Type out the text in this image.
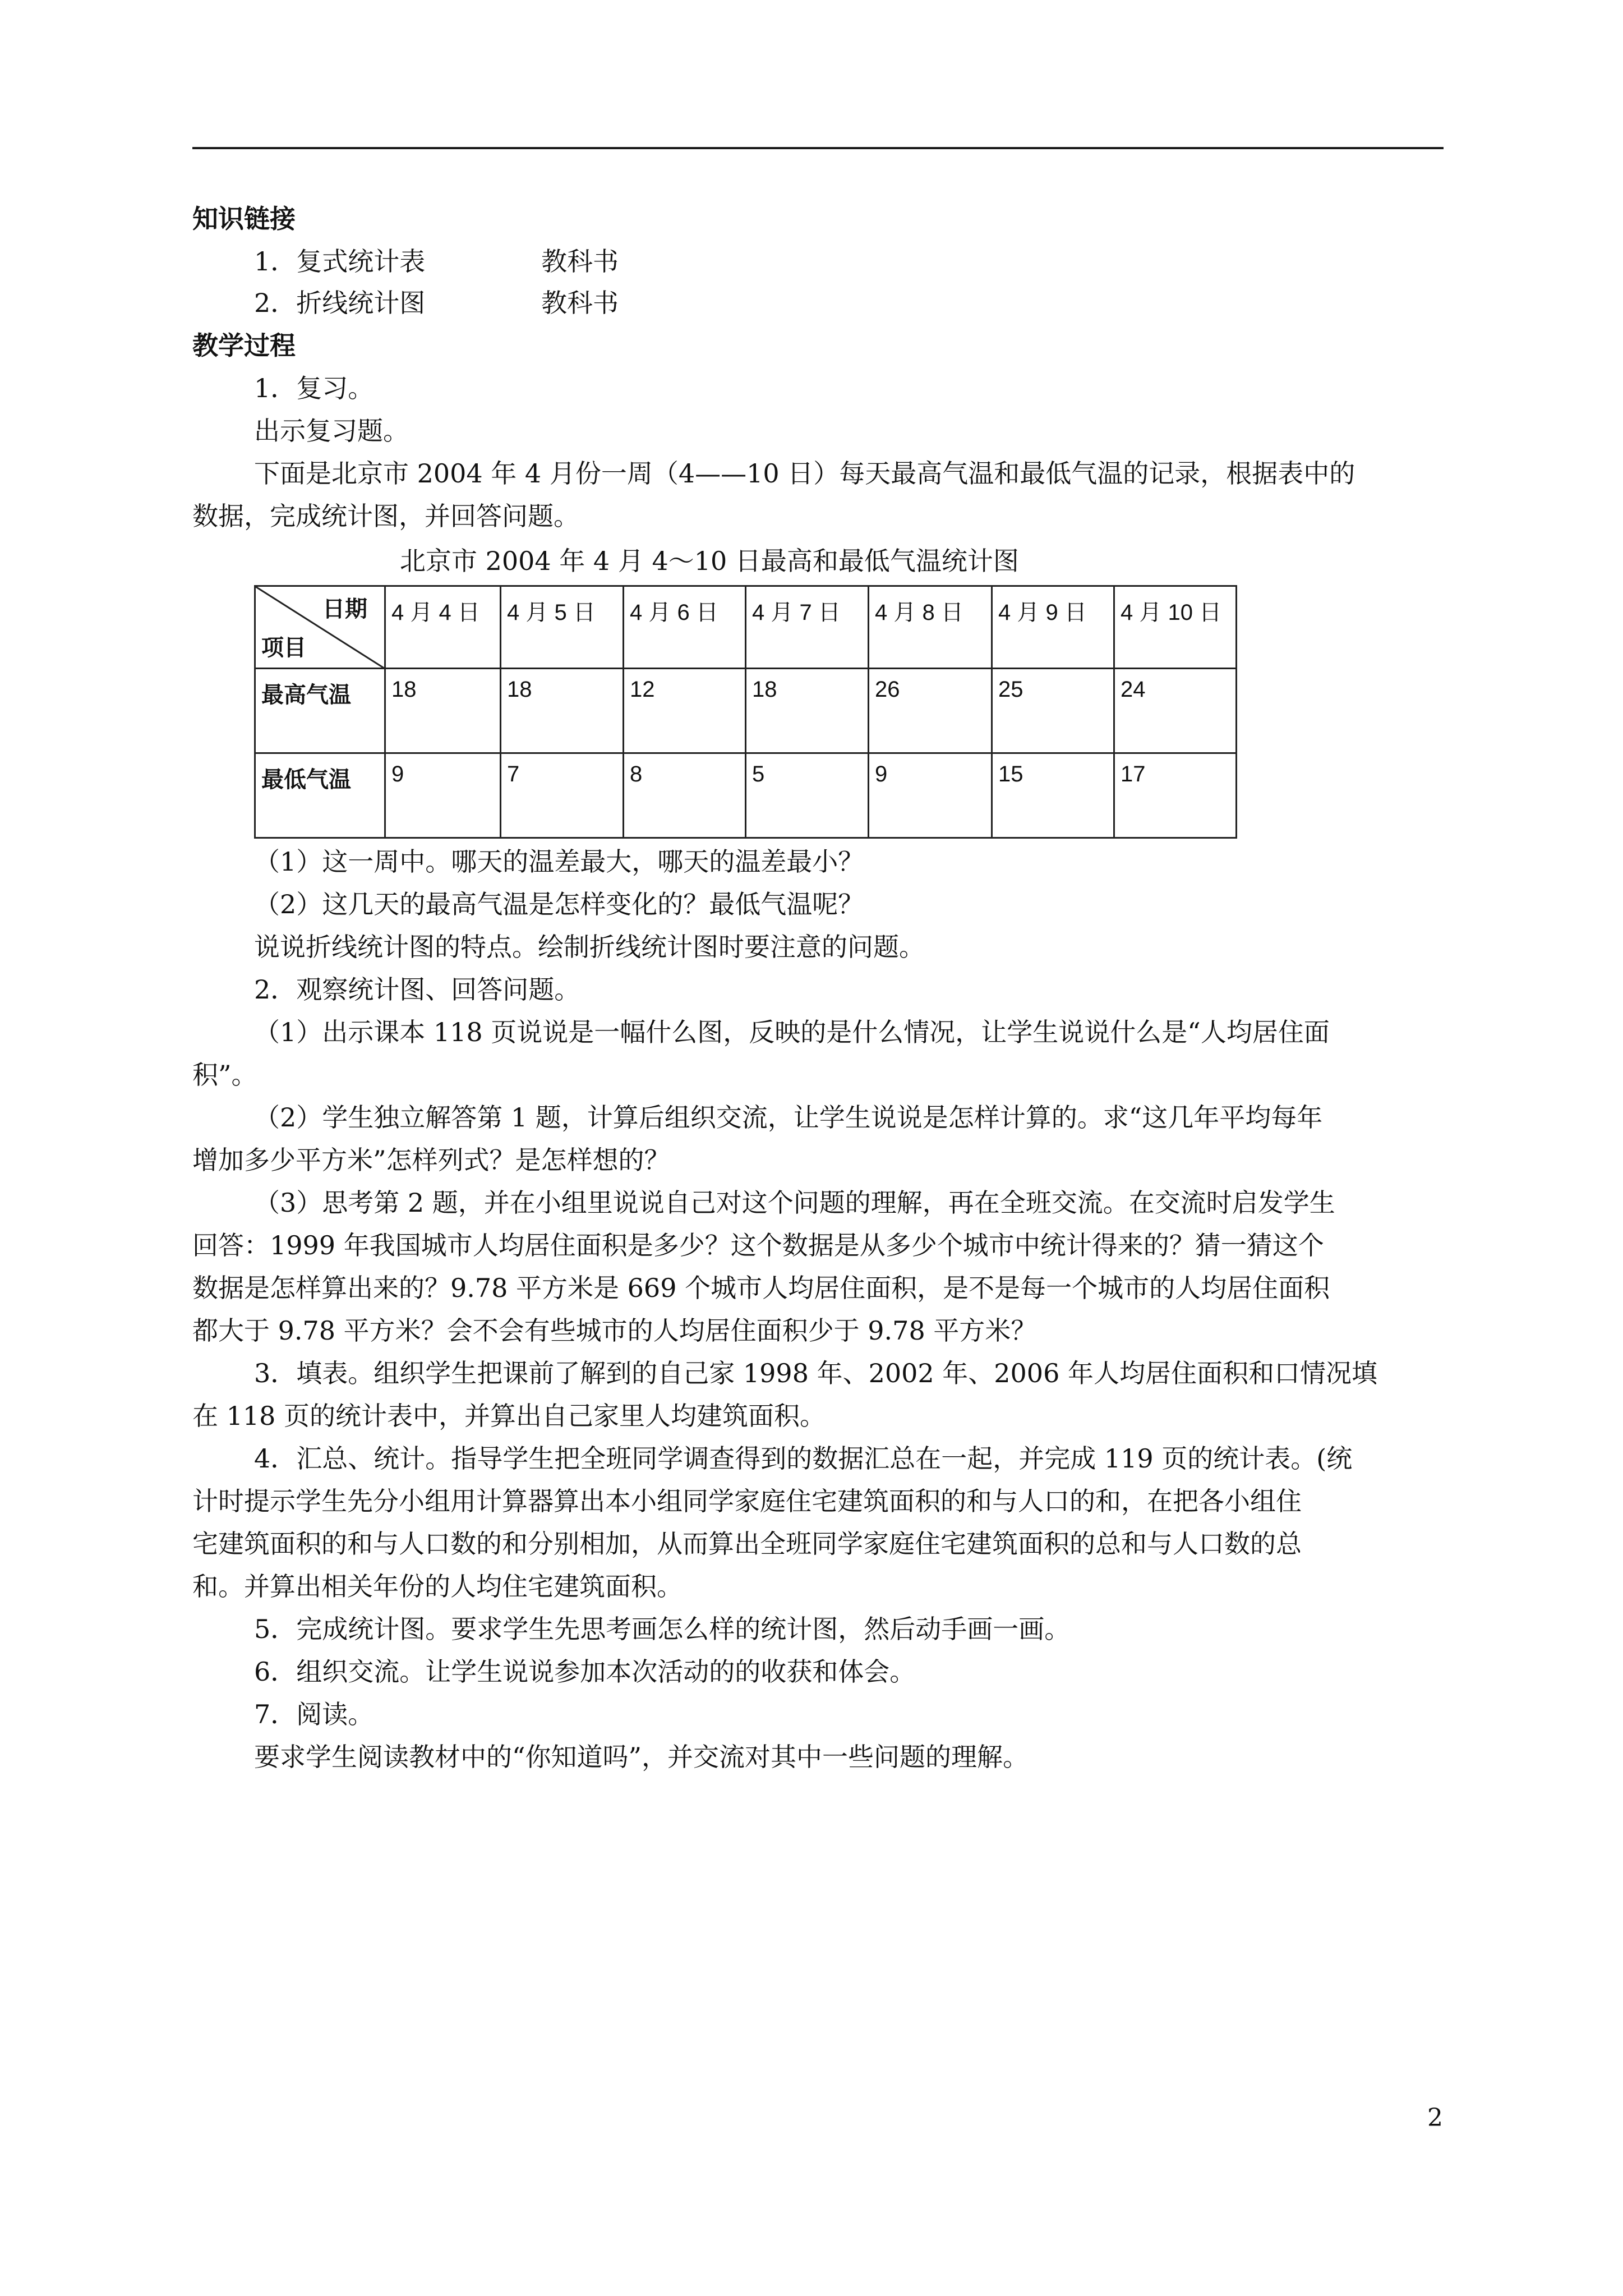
知识链接
1．复式统计表	教科书
2．折线统计图	教科书
教学过程
1．复习。
出示复习题。
下面是北京市 2004 年 4 月份一周（4——10 日）每天最高气温和最低气温的记录，根据表中的
数据，完成统计图，并回答问题。
北京市 2004 年 4 月 4～10 日最高和最低气温统计图
日期
项目	4 月 4 日	4 月 5 日	4 月 6 日	4 月 7 日	4 月 8 日	4 月 9 日	4 月 10 日
最高气温	18	18	12	18	26	25	24
最低气温	9	7	8	5	9	15	17
（1）这一周中。哪天的温差最大，哪天的温差最小？
（2）这几天的最高气温是怎样变化的？最低气温呢？
说说折线统计图的特点。绘制折线统计图时要注意的问题。
2．观察统计图、回答问题。
（1）出示课本 118 页说说是一幅什么图，反映的是什么情况，让学生说说什么是“人均居住面
积”。
（2）学生独立解答第 1 题，计算后组织交流，让学生说说是怎样计算的。求“这几年平均每年
增加多少平方米”怎样列式？是怎样想的？
（3）思考第 2 题，并在小组里说说自己对这个问题的理解，再在全班交流。在交流时启发学生
回答：1999 年我国城市人均居住面积是多少？这个数据是从多少个城市中统计得来的？猜一猜这个
数据是怎样算出来的？9.78 平方米是 669 个城市人均居住面积，是不是每一个城市的人均居住面积
都大于 9.78 平方米？会不会有些城市的人均居住面积少于 9.78 平方米？
3．填表。组织学生把课前了解到的自己家 1998 年、2002 年、2006 年人均居住面积和口情况填
在 118 页的统计表中，并算出自己家里人均建筑面积。
4．汇总、统计。指导学生把全班同学调查得到的数据汇总在一起，并完成 119 页的统计表。(统
计时提示学生先分小组用计算器算出本小组同学家庭住宅建筑面积的和与人口的和，在把各小组住
宅建筑面积的和与人口数的和分别相加，从而算出全班同学家庭住宅建筑面积的总和与人口数的总
和。并算出相关年份的人均住宅建筑面积。
5．完成统计图。要求学生先思考画怎么样的统计图，然后动手画一画。
6．组织交流。让学生说说参加本次活动的的收获和体会。
7．阅读。
要求学生阅读教材中的“你知道吗”，并交流对其中一些问题的理解。
2
